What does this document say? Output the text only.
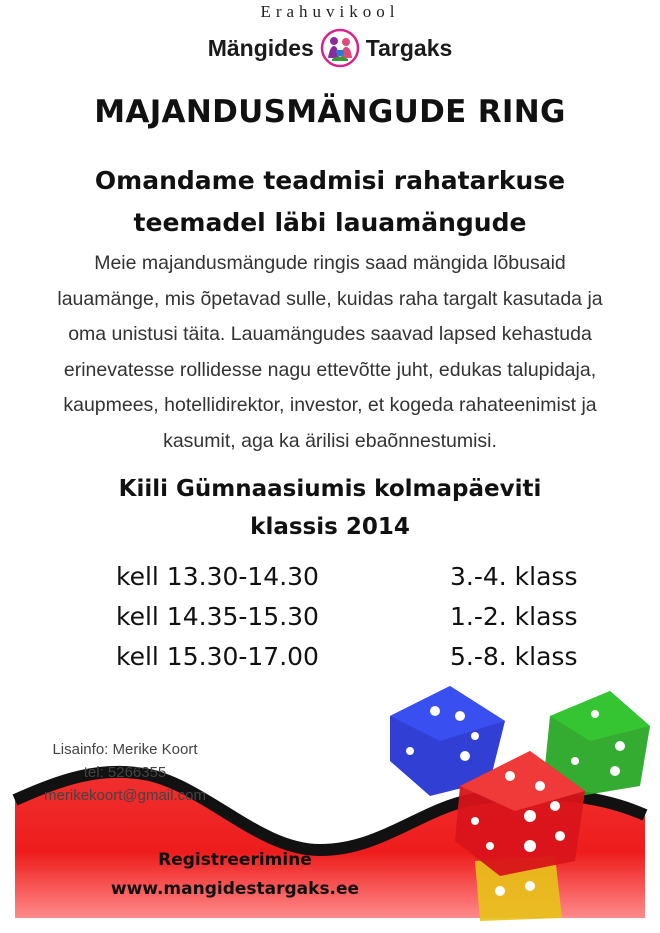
Erahuvikool
Mängides Targaks
MAJANDUSMÄNGUDE RING
Omandame teadmisi rahatarkuse
teemadel läbi lauamängude
Meie majandusmängude ringis saad mängida lõbusaid
lauamänge, mis õpetavad sulle, kuidas raha targalt kasutada ja
oma unistusi täita. Lauamängudes saavad lapsed kehastuda
erinevatesse rollidesse nagu ettevõtte juht, edukas talupidaja,
kaupmees, hotellidirektor, investor, et kogeda rahateenimist ja
kasumit, aga ka ärilisi ebaõnnestumisi.
Kiili Gümnaasiumis kolmapäeviti
klassis 2014
kell 13.30-14.30	3.-4. klass
kell 14.35-15.30	1.-2. klass
kell 15.30-17.00	5.-8. klass
Lisainfo: Merike Koort
tel: 5266355
merikekoort@gmail.com
Registreerimine
www.mangidestargaks.ee
